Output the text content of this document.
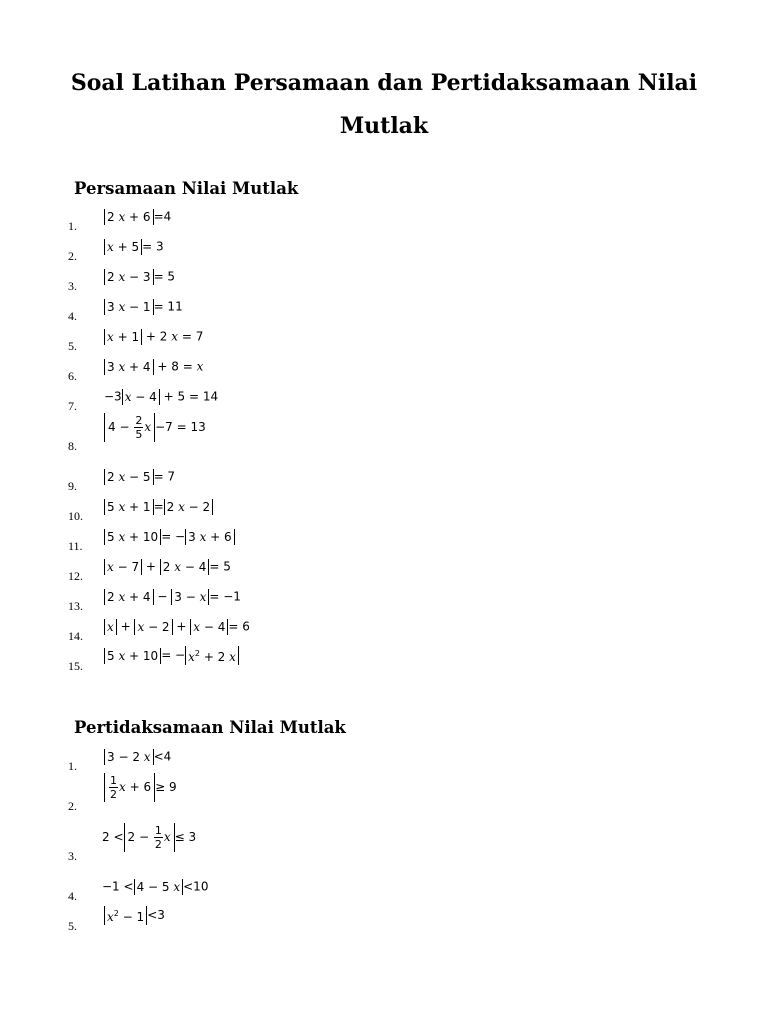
Soal Latihan Persamaan dan Pertidaksamaan Nilai
Mutlak
Persamaan Nilai Mutlak
1.
2 x + 6 =4
2.
x + 5 = 3
3.
2 x − 3 = 5
4.
3 x − 1 = 11
5.
x + 1 + 2 x = 7
6.
3 x + 4 + 8 = x
7.
−3 x − 4 + 5 = 14
8.
$4 - \frac{2}{5}$ x −7 = 13
9.
2 x − 5 = 7
10.
5 x + 1 = 2 x − 2
11.
5 x + 10 = − 3 x + 6
12.
x − 7 + 2 x − 4 = 5
13.
2 x + 4 − 3 − x = −1
14.
x + x − 2 + x − 4 = 6
15.
5 x + 10 = − $x^2 + 2$ x
Pertidaksamaan Nilai Mutlak
1.
3 − 2 x <4
2.
$\frac{1}{2}$ x + 6 ≥ 9
3.
$2 < 2 - \frac{1}{2}$ x ≤ 3
4.
−1 < 4 − 5 x <10
5.
$x^2 - 1 <3$
